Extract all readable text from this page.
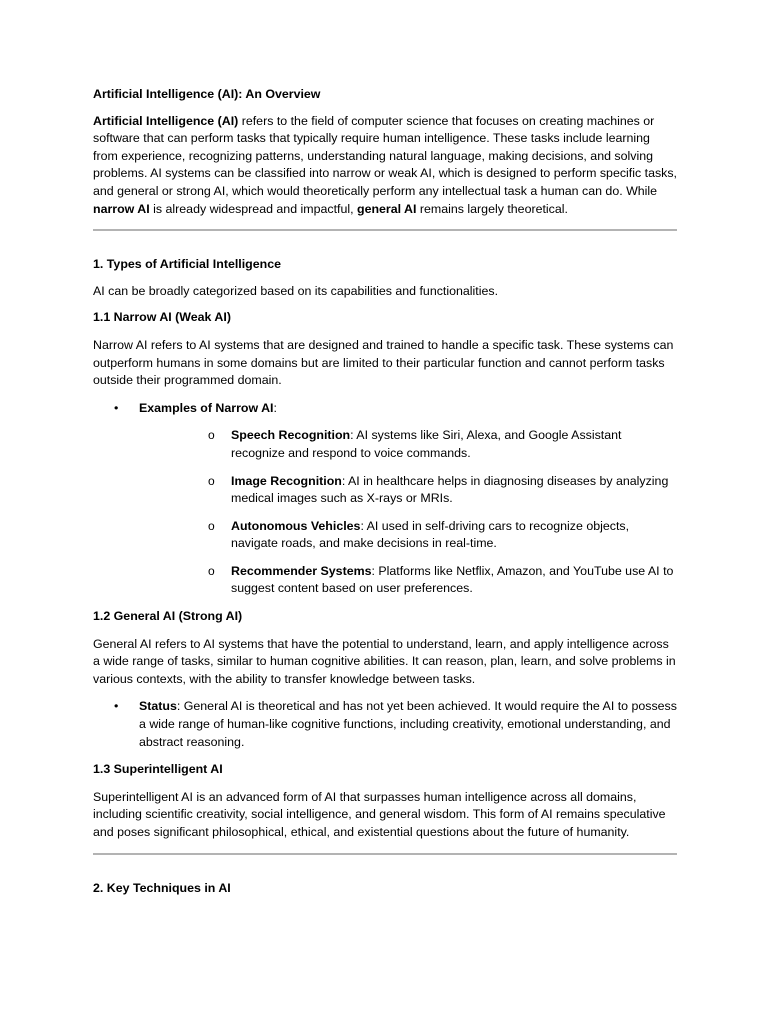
Artificial Intelligence (AI): An Overview

Artificial Intelligence (AI) refers to the field of computer science that focuses on creating machines or software that can perform tasks that typically require human intelligence. These tasks include learning from experience, recognizing patterns, understanding natural language, making decisions, and solving problems. AI systems can be classified into narrow or weak AI, which is designed to perform specific tasks, and general or strong AI, which would theoretically perform any intellectual task a human can do. While narrow AI is already widespread and impactful, general AI remains largely theoretical.

1. Types of Artificial Intelligence

AI can be broadly categorized based on its capabilities and functionalities.

1.1 Narrow AI (Weak AI)

Narrow AI refers to AI systems that are designed and trained to handle a specific task. These systems can outperform humans in some domains but are limited to their particular function and cannot perform tasks outside their programmed domain.

• Examples of Narrow AI:
o Speech Recognition: AI systems like Siri, Alexa, and Google Assistant recognize and respond to voice commands.
o Image Recognition: AI in healthcare helps in diagnosing diseases by analyzing medical images such as X-rays or MRIs.
o Autonomous Vehicles: AI used in self-driving cars to recognize objects, navigate roads, and make decisions in real-time.
o Recommender Systems: Platforms like Netflix, Amazon, and YouTube use AI to suggest content based on user preferences.

1.2 General AI (Strong AI)

General AI refers to AI systems that have the potential to understand, learn, and apply intelligence across a wide range of tasks, similar to human cognitive abilities. It can reason, plan, learn, and solve problems in various contexts, with the ability to transfer knowledge between tasks.

• Status: General AI is theoretical and has not yet been achieved. It would require the AI to possess a wide range of human-like cognitive functions, including creativity, emotional understanding, and abstract reasoning.

1.3 Superintelligent AI

Superintelligent AI is an advanced form of AI that surpasses human intelligence across all domains, including scientific creativity, social intelligence, and general wisdom. This form of AI remains speculative and poses significant philosophical, ethical, and existential questions about the future of humanity.

2. Key Techniques in AI
